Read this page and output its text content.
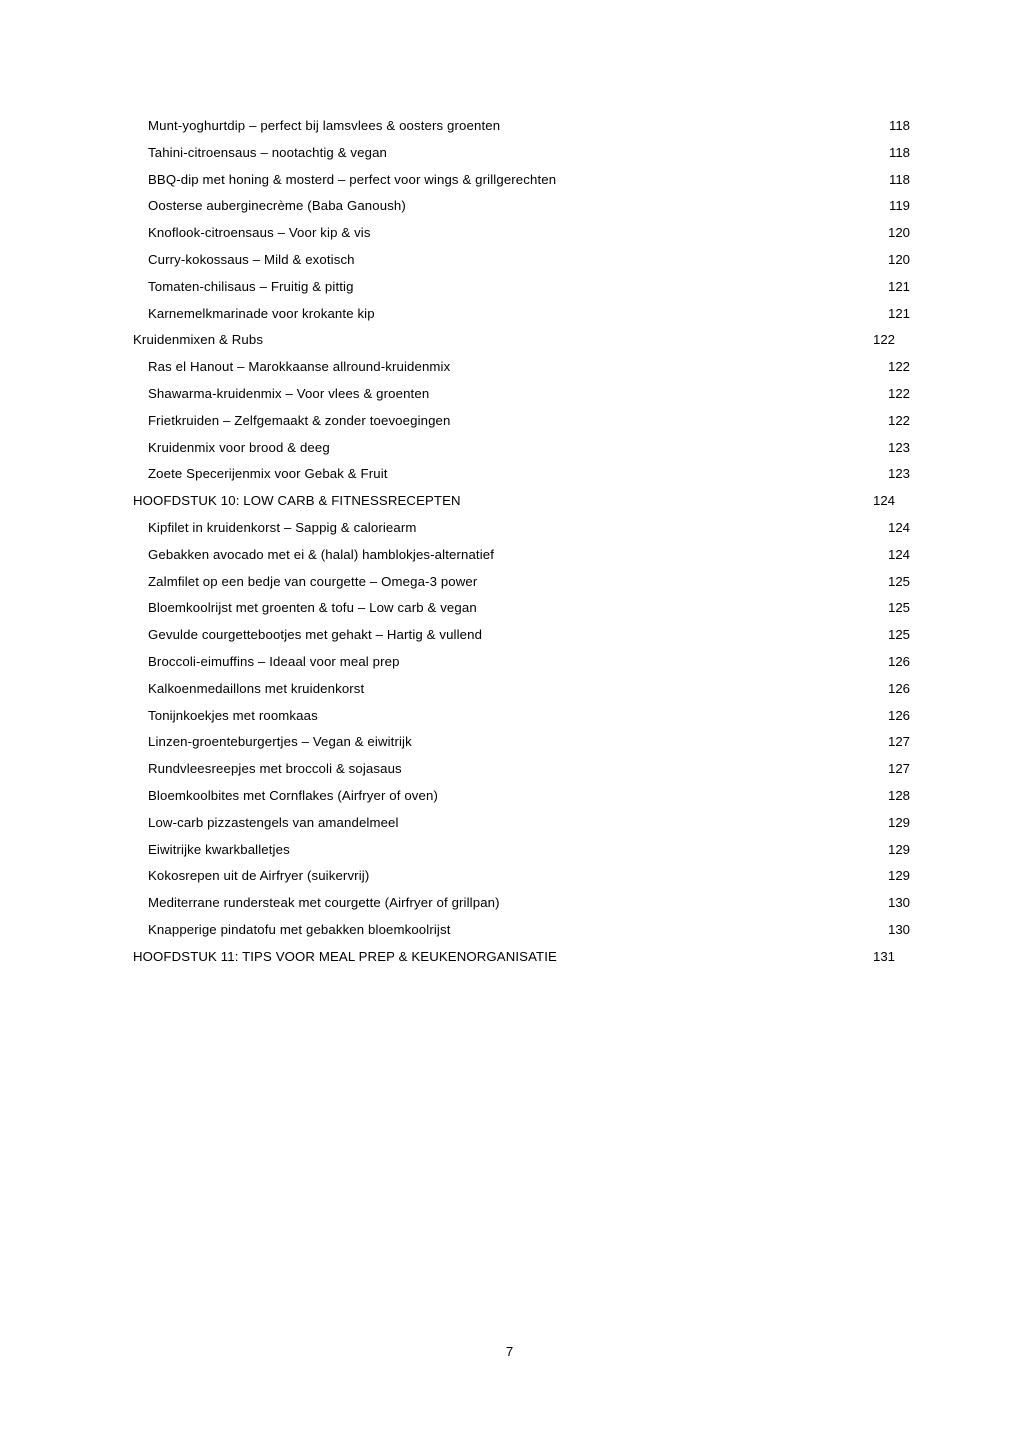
Munt-yoghurtdip – perfect bij lamsvlees & oosters groenten . . .	118
Tahini-citroensaus – nootachtig & vegan . . .	118
BBQ-dip met honing & mosterd – perfect voor wings & grillgerechten . . .	118
Oosterse auberginecrème (Baba Ganoush) . . .	119
Knoflook-citroensaus – Voor kip & vis . . .	120
Curry-kokossaus – Mild & exotisch . . .	120
Tomaten-chilisaus – Fruitig & pittig . . .	121
Karnemelkmarinade voor krokante kip . . .	121
Kruidenmixen & Rubs . . .	122
Ras el Hanout – Marokkaanse allround-kruidenmix . . .	122
Shawarma-kruidenmix – Voor vlees & groenten . . .	122
Frietkruiden – Zelfgemaakt & zonder toevoegingen . . .	122
Kruidenmix voor brood & deeg . . .	123
Zoete Specerijenmix voor Gebak & Fruit . . .	123
HOOFDSTUK 10: LOW CARB & FITNESSRECEPTEN . . .	124
Kipfilet in kruidenkorst – Sappig & caloriearm . . .	124
Gebakken avocado met ei & (halal) hamblokjes-alternatief . . .	124
Zalmfilet op een bedje van courgette – Omega-3 power . . .	125
Bloemkoolrijst met groenten & tofu – Low carb & vegan . . .	125
Gevulde courgettebootjes met gehakt – Hartig & vullend . . .	125
Broccoli-eimuffins – Ideaal voor meal prep . . .	126
Kalkoenmedaillons met kruidenkorst . . .	126
Tonijnkoekjes met roomkaas . . .	126
Linzen-groenteburgertjes – Vegan & eiwitrijk . . .	127
Rundvleesreepjes met broccoli & sojasaus . . .	127
Bloemkoolbites met Cornflakes (Airfryer of oven) . . .	128
Low-carb pizzastengels van amandelmeel . . .	129
Eiwitrijke kwarkballetjes . . .	129
Kokosrepen uit de Airfryer (suikervrij) . . .	129
Mediterrane rundersteak met courgette (Airfryer of grillpan) . . .	130
Knapperige pindatofu met gebakken bloemkoolrijst . . .	130
HOOFDSTUK 11: TIPS VOOR MEAL PREP & KEUKENORGANISATIE . . .	131
7
